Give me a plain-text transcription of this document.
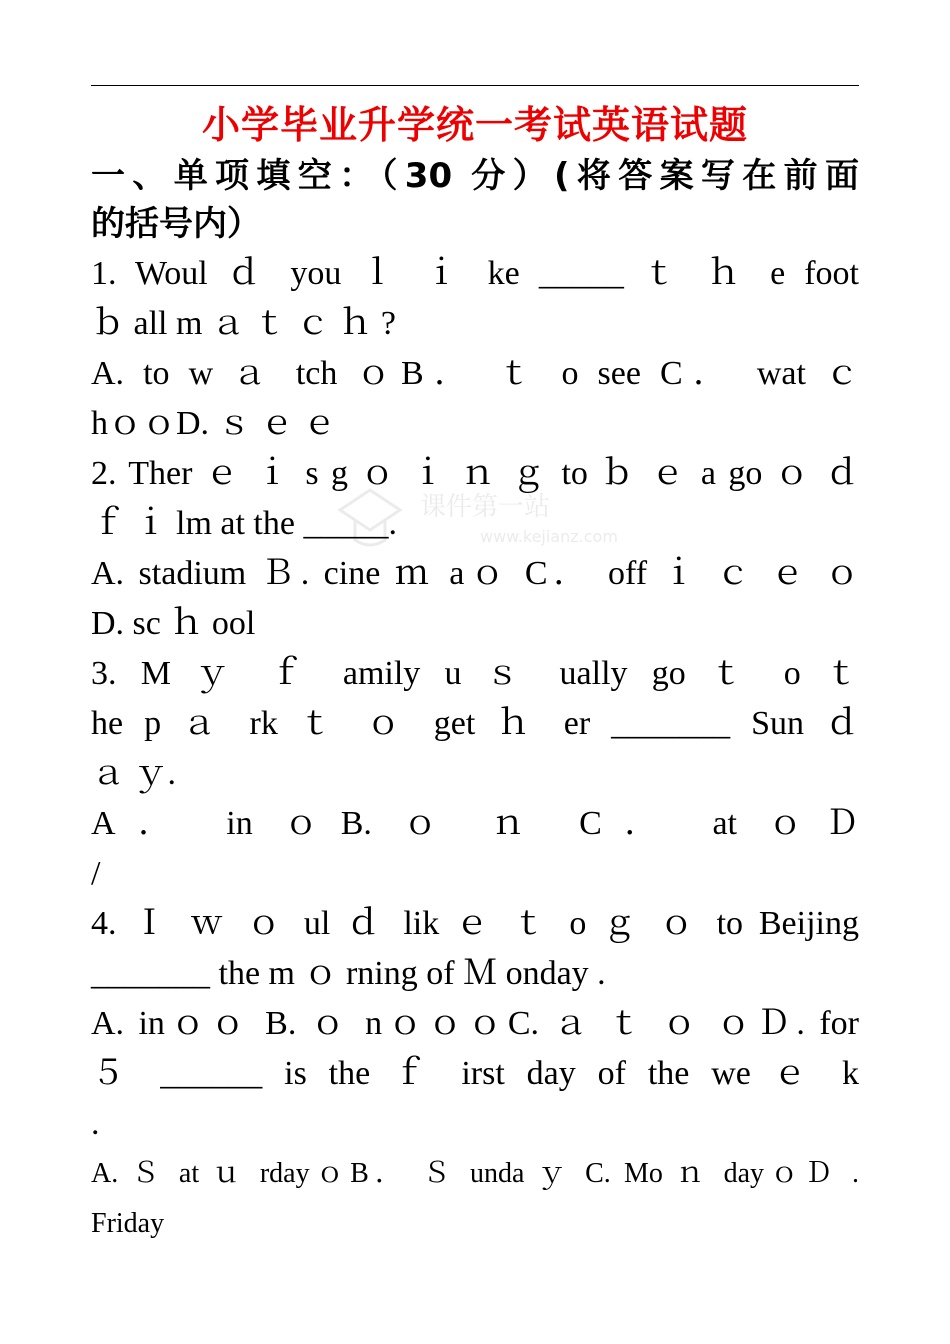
小学毕业升学统一考试英语试题
一、单项填空：（30 分）(将答案写在前面
的括号内）
课件第一站
www.kejianz.com
1. Woul ｄ you ｌ ｉ ke _____ ｔ ｈ e foot
ｂ all m ａ ｔ ｃ ｈ ?
A. to w ａ tch ｏB． ｔ o see C． wat ｃ
hｏｏD. ｓ ｅ ｅ
2. Ther ｅ ｉ s g ｏ ｉ ｎ ｇ to ｂ ｅ a go ｏ ｄ
ｆ ｉ lm at the _____.
A. stadium Ｂ. cine ｍ aｏ C． off ｉ ｃ ｅ ｏ
D. sc ｈ ool
3. M ｙ ｆ amily u ｓ ually go ｔ o ｔ
he p ａ rk ｔ ｏ get ｈ er _______ Sun ｄ
ａ ｙ.
A． in ｏB. ｏ ｎ C． at ｏＤ
/
4. Ｉ ｗ ｏ ul ｄ lik ｅ ｔ o ｇ ｏ to Beijing
_______ the m ｏ rning of Ｍ onday .
A. inｏｏ B. ｏ nｏｏｏC. ａ ｔ ｏ ｏＤ. for
５ ______ is the ｆ irst day of the we ｅ k
.
A. Ｓ at ｕ rdayｏB． Ｓ unda ｙ C. Mo ｎ dayｏＤ .
Friday
